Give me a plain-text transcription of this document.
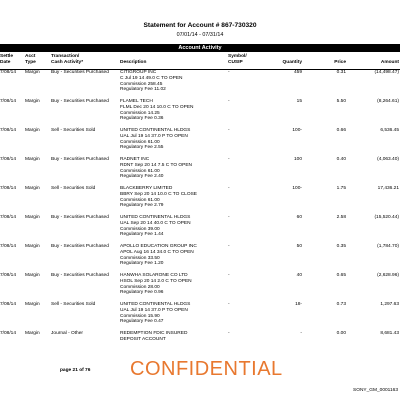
Statement for Account # 867-730320
07/01/14 - 07/31/14
Account Activity
Settle
Date
Acct
Type
Transaction/
Cash Activity*	Description
Symbol/
CUSIP	Quantity	Price	Amount
7/08/14 Margin Buy - Securities Purchased	-	459	0.31	(14,498.47)
CITIGROUP INC
C Jul 19 14 49.0 C TO OPEN
Commission 258.45
Regulatory Fee 11.02
7/08/14 Margin Buy - Securities Purchased	-	15	5.50	(8,264.61)
FLAMEL TECH
FLML Dec 20 14 10.0 C TO OPEN
Commission 14.25
Regulatory Fee 0.36
7/08/14 Margin Sell - Securities Sold	-	100-	0.66	6,536.45
UNITED CONTINENTAL HLDGS
UAL Jul 19 14 37.0 P TO OPEN
Commission 61.00
Regulatory Fee 2.55
7/08/14 Margin Buy - Securities Purchased	-	100	0.40	(4,063.40)
RADNET INC
RDNT Sep 20 14 7.5 C TO OPEN
Commission 61.00
Regulatory Fee 2.40
7/08/14 Margin Sell - Securities Sold	-	100-	1.75	17,436.21
BLACKBERRY LIMITED
BBRY Sep 20 14 10.0 C TO CLOSE
Commission 61.00
Regulatory Fee 2.79
7/08/14 Margin Buy - Securities Purchased	-	60	2.58	(15,520.44)
UNITED CONTINENTAL HLDGS
UAL Sep 20 14 40.0 C TO OPEN
Commission 39.00
Regulatory Fee 1.44
7/08/14 Margin Buy - Securities Purchased	-	50	0.35	(1,784.70)
APOLLO EDUCATION GROUP INC
APOL Aug 16 14 34.0 C TO OPEN
Commission 33.50
Regulatory Fee 1.20
7/08/14 Margin Buy - Securities Purchased	-	40	0.65	(2,628.96)
HANWHA SOLARONE CO LTD
HSOL Sep 20 14 2.0 C TO OPEN
Commission 28.00
Regulatory Fee 0.96
7/08/14 Margin Sell - Securities Sold	-	18-	0.73	1,297.63
UNITED CONTINENTAL HLDGS
UAL Jul 19 14 37.0 P TO OPEN
Commission 15.90
Regulatory Fee 0.47
7/08/14 Margin Journal - Other	-	-	0.00	8,681.43
REDEMPTION FDIC INSURED
DEPOSIT ACCOUNT
page 21 of 76 CONFIDENTIAL
SONY_GM_0001163
